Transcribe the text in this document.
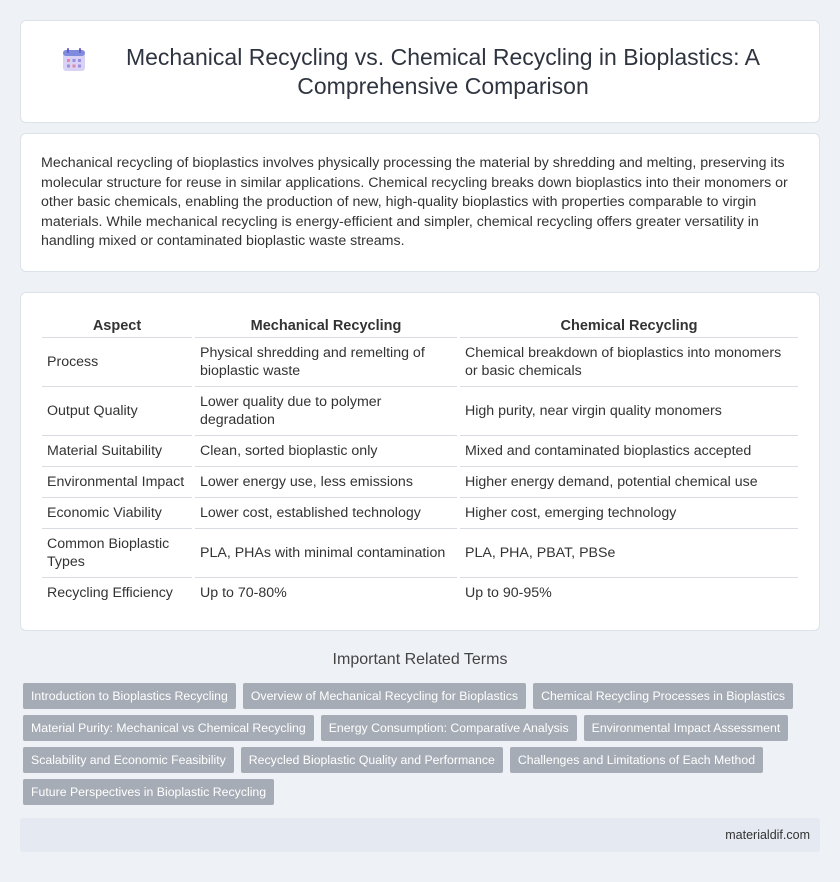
Mechanical Recycling vs. Chemical Recycling in Bioplastics: A Comprehensive Comparison

Mechanical recycling of bioplastics involves physically processing the material by shredding and melting, preserving its molecular structure for reuse in similar applications. Chemical recycling breaks down bioplastics into their monomers or other basic chemicals, enabling the production of new, high-quality bioplastics with properties comparable to virgin materials. While mechanical recycling is energy-efficient and simpler, chemical recycling offers greater versatility in handling mixed or contaminated bioplastic waste streams.

Aspect	Mechanical Recycling	Chemical Recycling
Process	Physical shredding and remelting of bioplastic waste	Chemical breakdown of bioplastics into monomers or basic chemicals
Output Quality	Lower quality due to polymer degradation	High purity, near virgin quality monomers
Material Suitability	Clean, sorted bioplastic only	Mixed and contaminated bioplastics accepted
Environmental Impact	Lower energy use, less emissions	Higher energy demand, potential chemical use
Economic Viability	Lower cost, established technology	Higher cost, emerging technology
Common Bioplastic Types	PLA, PHAs with minimal contamination	PLA, PHA, PBAT, PBSe
Recycling Efficiency	Up to 70-80%	Up to 90-95%
Important Related Terms
Introduction to Bioplastics Recycling	Overview of Mechanical Recycling for Bioplastics	Chemical Recycling Processes in Bioplastics
Material Purity: Mechanical vs Chemical Recycling	Energy Consumption: Comparative Analysis	Environmental Impact Assessment
Scalability and Economic Feasibility	Recycled Bioplastic Quality and Performance	Challenges and Limitations of Each Method
Future Perspectives in Bioplastic Recycling
materialdif.com
